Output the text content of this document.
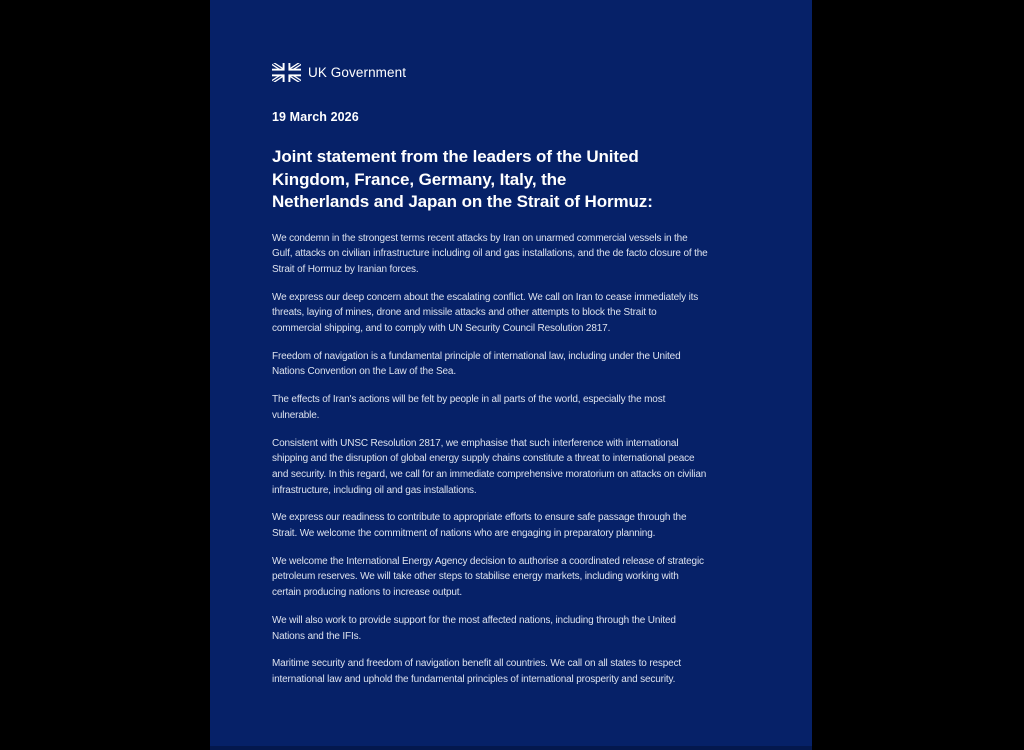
UK Government
19 March 2026
Joint statement from the leaders of the United
Kingdom, France, Germany, Italy, the
Netherlands and Japan on the Strait of Hormuz:

We condemn in the strongest terms recent attacks by Iran on unarmed commercial vessels in the Gulf, attacks on civilian infrastructure including oil and gas installations, and the de facto closure of the Strait of Hormuz by Iranian forces.

We express our deep concern about the escalating conflict. We call on Iran to cease immediately its threats, laying of mines, drone and missile attacks and other attempts to block the Strait to commercial shipping, and to comply with UN Security Council Resolution 2817.

Freedom of navigation is a fundamental principle of international law, including under the United Nations Convention on the Law of the Sea.

The effects of Iran's actions will be felt by people in all parts of the world, especially the most vulnerable.

Consistent with UNSC Resolution 2817, we emphasise that such interference with international shipping and the disruption of global energy supply chains constitute a threat to international peace and security. In this regard, we call for an immediate comprehensive moratorium on attacks on civilian infrastructure, including oil and gas installations.

We express our readiness to contribute to appropriate efforts to ensure safe passage through the Strait. We welcome the commitment of nations who are engaging in preparatory planning.

We welcome the International Energy Agency decision to authorise a coordinated release of strategic petroleum reserves. We will take other steps to stabilise energy markets, including working with certain producing nations to increase output.

We will also work to provide support for the most affected nations, including through the United Nations and the IFIs.

Maritime security and freedom of navigation benefit all countries. We call on all states to respect international law and uphold the fundamental principles of international prosperity and security.
